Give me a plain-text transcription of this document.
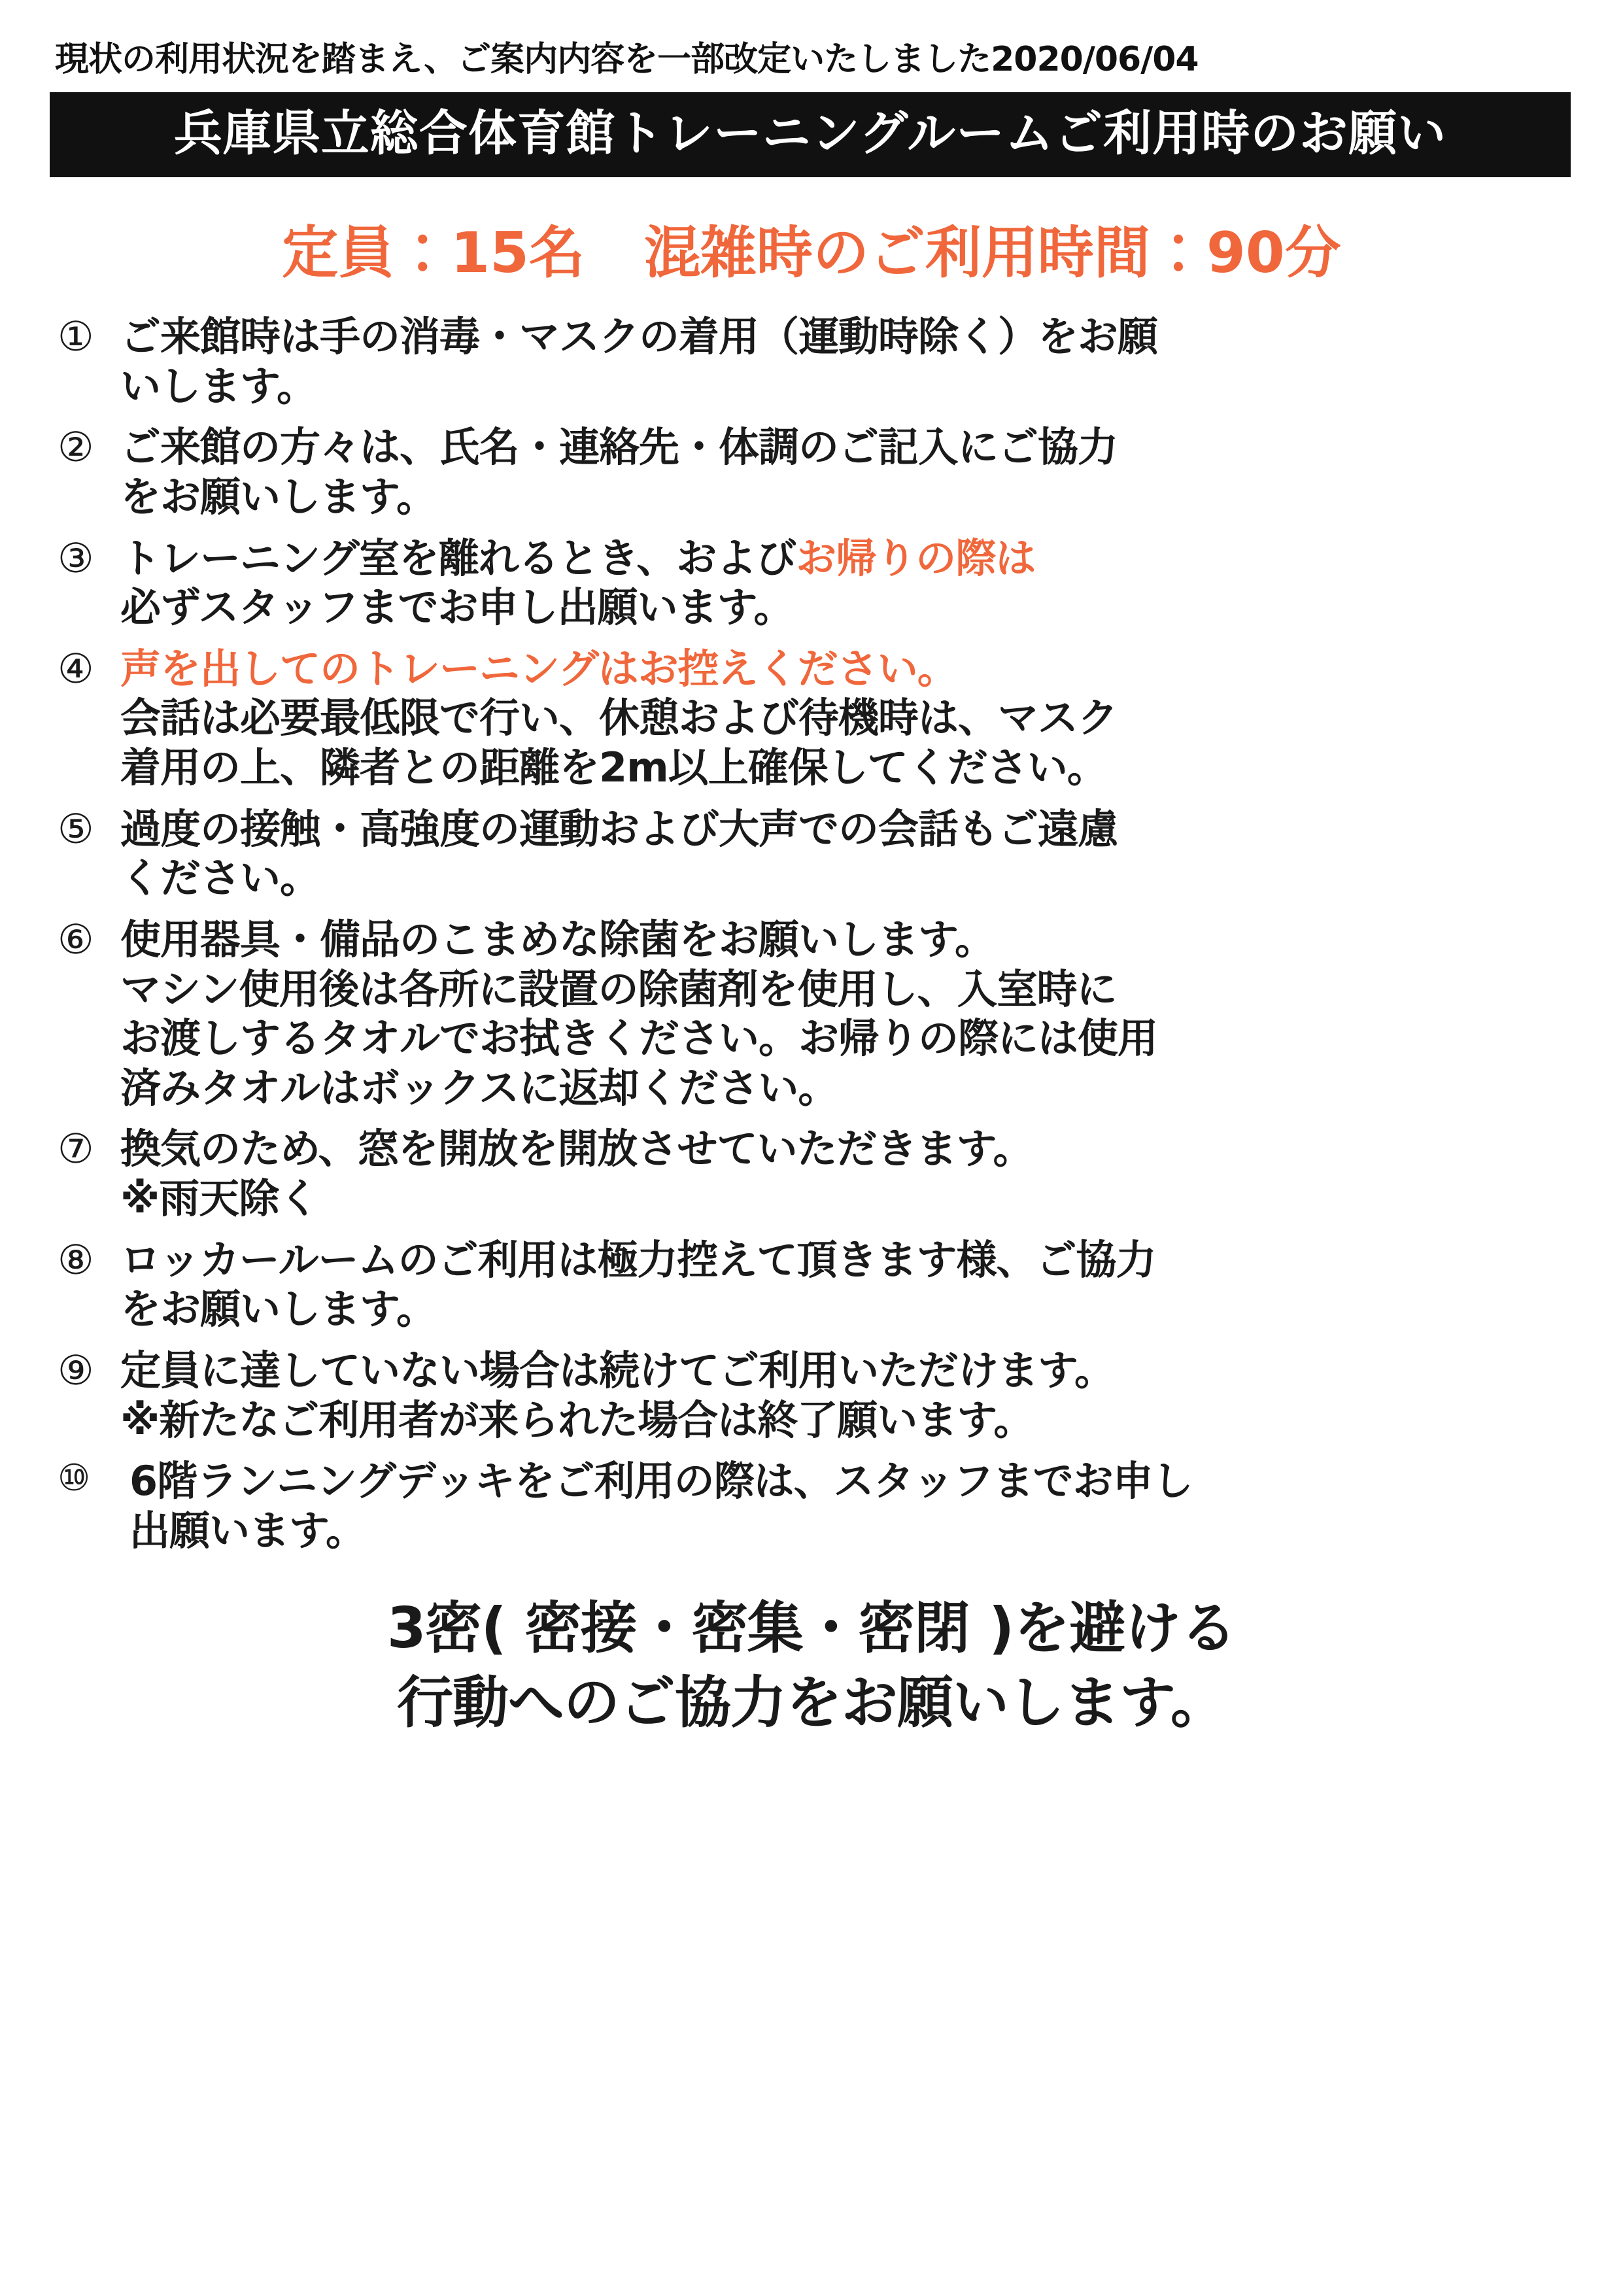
現状の利用状況を踏まえ、ご案内内容を一部改定いたしました2020/06/04
兵庫県立総合体育館トレーニングルームご利用時のお願い
定員：15名 混雑時のご利用時間：90分
① ご来館時は手の消毒・マスクの着用（運動時除く）をお願
いします。
② ご来館の方々は、氏名・連絡先・体調のご記入にご協力
をお願いします。
③ トレーニング室を離れるとき、およびお帰りの際は
必ずスタッフまでお申し出願います。
④ 声を出してのトレーニングはお控えください。
会話は必要最低限で行い、休憩および待機時は、マスク
着用の上、隣者との距離を2m以上確保してください。
⑤ 過度の接触・高強度の運動および大声での会話もご遠慮
ください。
⑥ 使用器具・備品のこまめな除菌をお願いします。
マシン使用後は各所に設置の除菌剤を使用し、入室時に
お渡しするタオルでお拭きください。お帰りの際には使用
済みタオルはボックスに返却ください。
⑦ 換気のため、窓を開放を開放させていただきます。
※雨天除く
⑧ ロッカールームのご利用は極力控えて頂きます様、ご協力
をお願いします。
⑨ 定員に達していない場合は続けてご利用いただけます。
※新たなご利用者が来られた場合は終了願います。
⑩ 6階ランニングデッキをご利用の際は、スタッフまでお申し
出願います。
3密( 密接・密集・密閉 )を避ける
行動へのご協力をお願いします。
